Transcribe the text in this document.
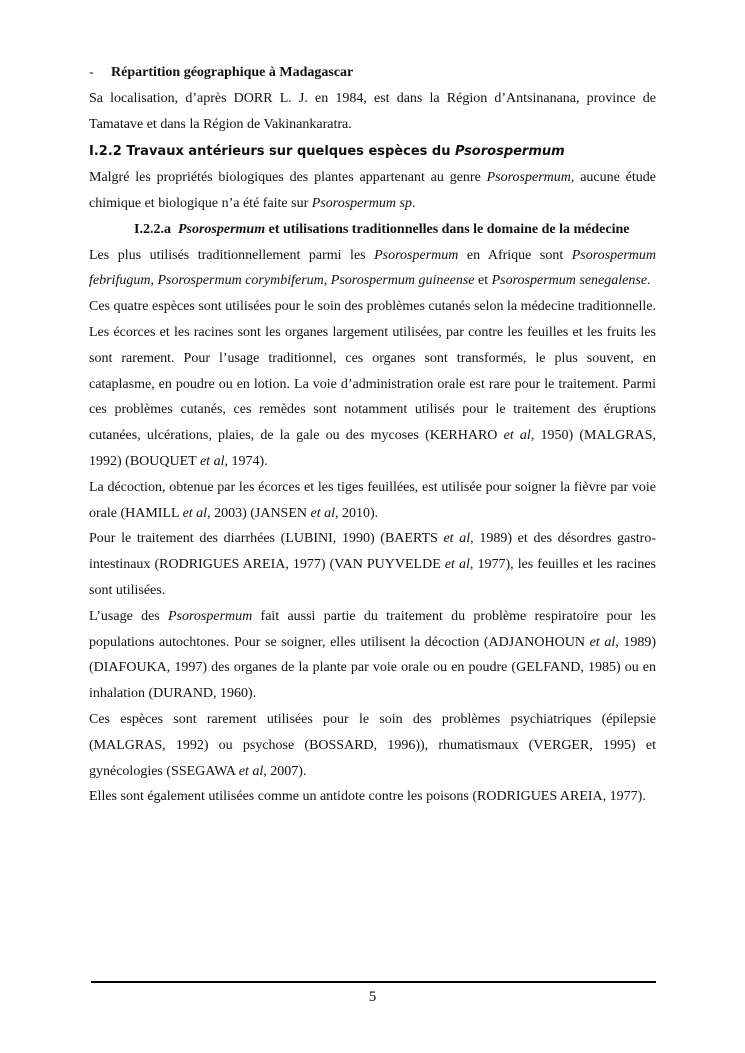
- Répartition géographique à Madagascar

Sa localisation, d’après DORR L. J. en 1984, est dans la Région d’Antsinanana, province de Tamatave et dans la Région de Vakinankaratra.

I.2.2 Travaux antérieurs sur quelques espèces du Psorospermum

Malgré les propriétés biologiques des plantes appartenant au genre Psorospermum, aucune étude chimique et biologique n’a été faite sur Psorospermum sp.

I.2.2.a Psorospermum et utilisations traditionnelles dans le domaine de la médecine

Les plus utilisés traditionnellement parmi les Psorospermum en Afrique sont Psorospermum febrifugum, Psorospermum corymbiferum, Psorospermum guineense et Psorospermum senegalense.

Ces quatre espèces sont utilisées pour le soin des problèmes cutanés selon la médecine traditionnelle. Les écorces et les racines sont les organes largement utilisées, par contre les feuilles et les fruits les sont rarement. Pour l’usage traditionnel, ces organes sont transformés, le plus souvent, en cataplasme, en poudre ou en lotion. La voie d’administration orale est rare pour le traitement. Parmi ces problèmes cutanés, ces remèdes sont notamment utilisés pour le traitement des éruptions cutanées, ulcérations, plaies, de la gale ou des mycoses (KERHARO et al, 1950) (MALGRAS, 1992) (BOUQUET et al, 1974).

La décoction, obtenue par les écorces et les tiges feuillées, est utilisée pour soigner la fièvre par voie orale (HAMILL et al, 2003) (JANSEN et al, 2010).

Pour le traitement des diarrhées (LUBINI, 1990) (BAERTS et al, 1989) et des désordres gastro-intestinaux (RODRIGUES AREIA, 1977) (VAN PUYVELDE et al, 1977), les feuilles et les racines sont utilisées.

L’usage des Psorospermum fait aussi partie du traitement du problème respiratoire pour les populations autochtones. Pour se soigner, elles utilisent la décoction (ADJANOHOUN et al, 1989) (DIAFOUKA, 1997) des organes de la plante par voie orale ou en poudre (GELFAND, 1985) ou en inhalation (DURAND, 1960).

Ces espèces sont rarement utilisées pour le soin des problèmes psychiatriques (épilepsie (MALGRAS, 1992) ou psychose (BOSSARD, 1996)), rhumatismaux (VERGER, 1995) et gynécologies (SSEGAWA et al, 2007).

Elles sont également utilisées comme un antidote contre les poisons (RODRIGUES AREIA, 1977).

5
